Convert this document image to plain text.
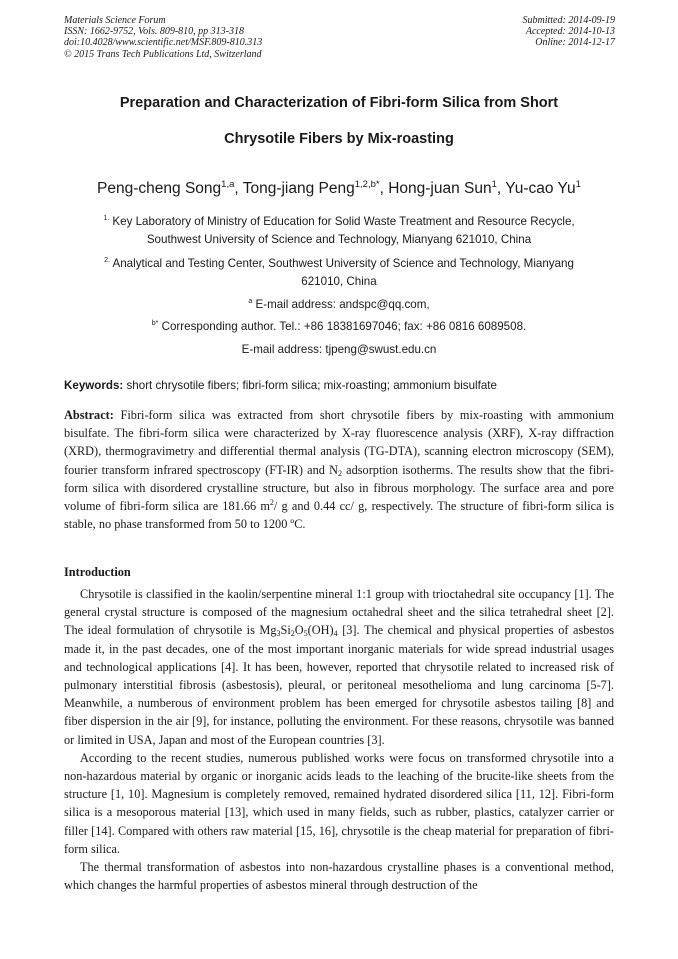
Materials Science Forum
ISSN: 1662-9752, Vols. 809-810, pp 313-318
doi:10.4028/www.scientific.net/MSF.809-810.313
© 2015 Trans Tech Publications Ltd, Switzerland
Submitted: 2014-09-19
Accepted: 2014-10-13
Online: 2014-12-17
Preparation and Characterization of Fibri-form Silica from Short
Chrysotile Fibers by Mix-roasting
Peng-cheng Song$^{1,a}$, Tong-jiang Peng$^{1,2,b*}$, Hong-juan Sun$^1$, Yu-cao Yu$^1$
$^{1.}$ Key Laboratory of Ministry of Education for Solid Waste Treatment and Resource Recycle,
Southwest University of Science and Technology, Mianyang 621010, China
$^{2.}$ Analytical and Testing Center, Southwest University of Science and Technology, Mianyang
621010, China
$^a$ E-mail address: andspc@qq.com,
$^{b*}$ Corresponding author. Tel.: +86 18381697046; fax: +86 0816 6089508.
E-mail address: tjpeng@swust.edu.cn
Keywords: short chrysotile fibers; fibri-form silica; mix-roasting; ammonium bisulfate
Abstract: Fibri-form silica was extracted from short chrysotile fibers by mix-roasting with ammonium bisulfate. The fibri-form silica were characterized by X-ray fluorescence analysis (XRF), X-ray diffraction (XRD), thermogravimetry and differential thermal analysis (TG-DTA), scanning electron microscopy (SEM), fourier transform infrared spectroscopy (FT-IR) and $N_2$ adsorption isotherms. The results show that the fibri-form silica with disordered crystalline structure, but also in fibrous morphology. The surface area and pore volume of fibri-form silica are 181.66 $m^2/$ g and 0.44 cc/ g, respectively. The structure of fibri-form silica is stable, no phase transformed from 50 to 1200 ºC.
Introduction

Chrysotile is classified in the kaolin/serpentine mineral 1:1 group with trioctahedral site occupancy [1]. The general crystal structure is composed of the magnesium octahedral sheet and the silica tetrahedral sheet [2]. The ideal formulation of chrysotile is $Mg_3Si_2O_5(OH)_4$ [3]. The chemical and physical properties of asbestos made it, in the past decades, one of the most important inorganic materials for wide spread industrial usages and technological applications [4]. It has been, however, reported that chrysotile related to increased risk of pulmonary interstitial fibrosis (asbestosis), pleural, or peritoneal mesothelioma and lung carcinoma [5-7]. Meanwhile, a numberous of environment problem has been emerged for chrysotile asbestos tailing [8] and fiber dispersion in the air [9], for instance, polluting the environment. For these reasons, chrysotile was banned or limited in USA, Japan and most of the European countries [3].

According to the recent studies, numerous published works were focus on transformed chrysotile into a non-hazardous material by organic or inorganic acids leads to the leaching of the brucite-like sheets from the structure [1, 10]. Magnesium is completely removed, remained hydrated disordered silica [11, 12]. Fibri-form silica is a mesoporous material [13], which used in many fields, such as rubber, plastics, catalyzer carrier or filler [14]. Compared with others raw material [15, 16], chrysotile is the cheap material for preparation of fibri-form silica.

The thermal transformation of asbestos into non-hazardous crystalline phases is a conventional method, which changes the harmful properties of asbestos mineral through destruction of the
